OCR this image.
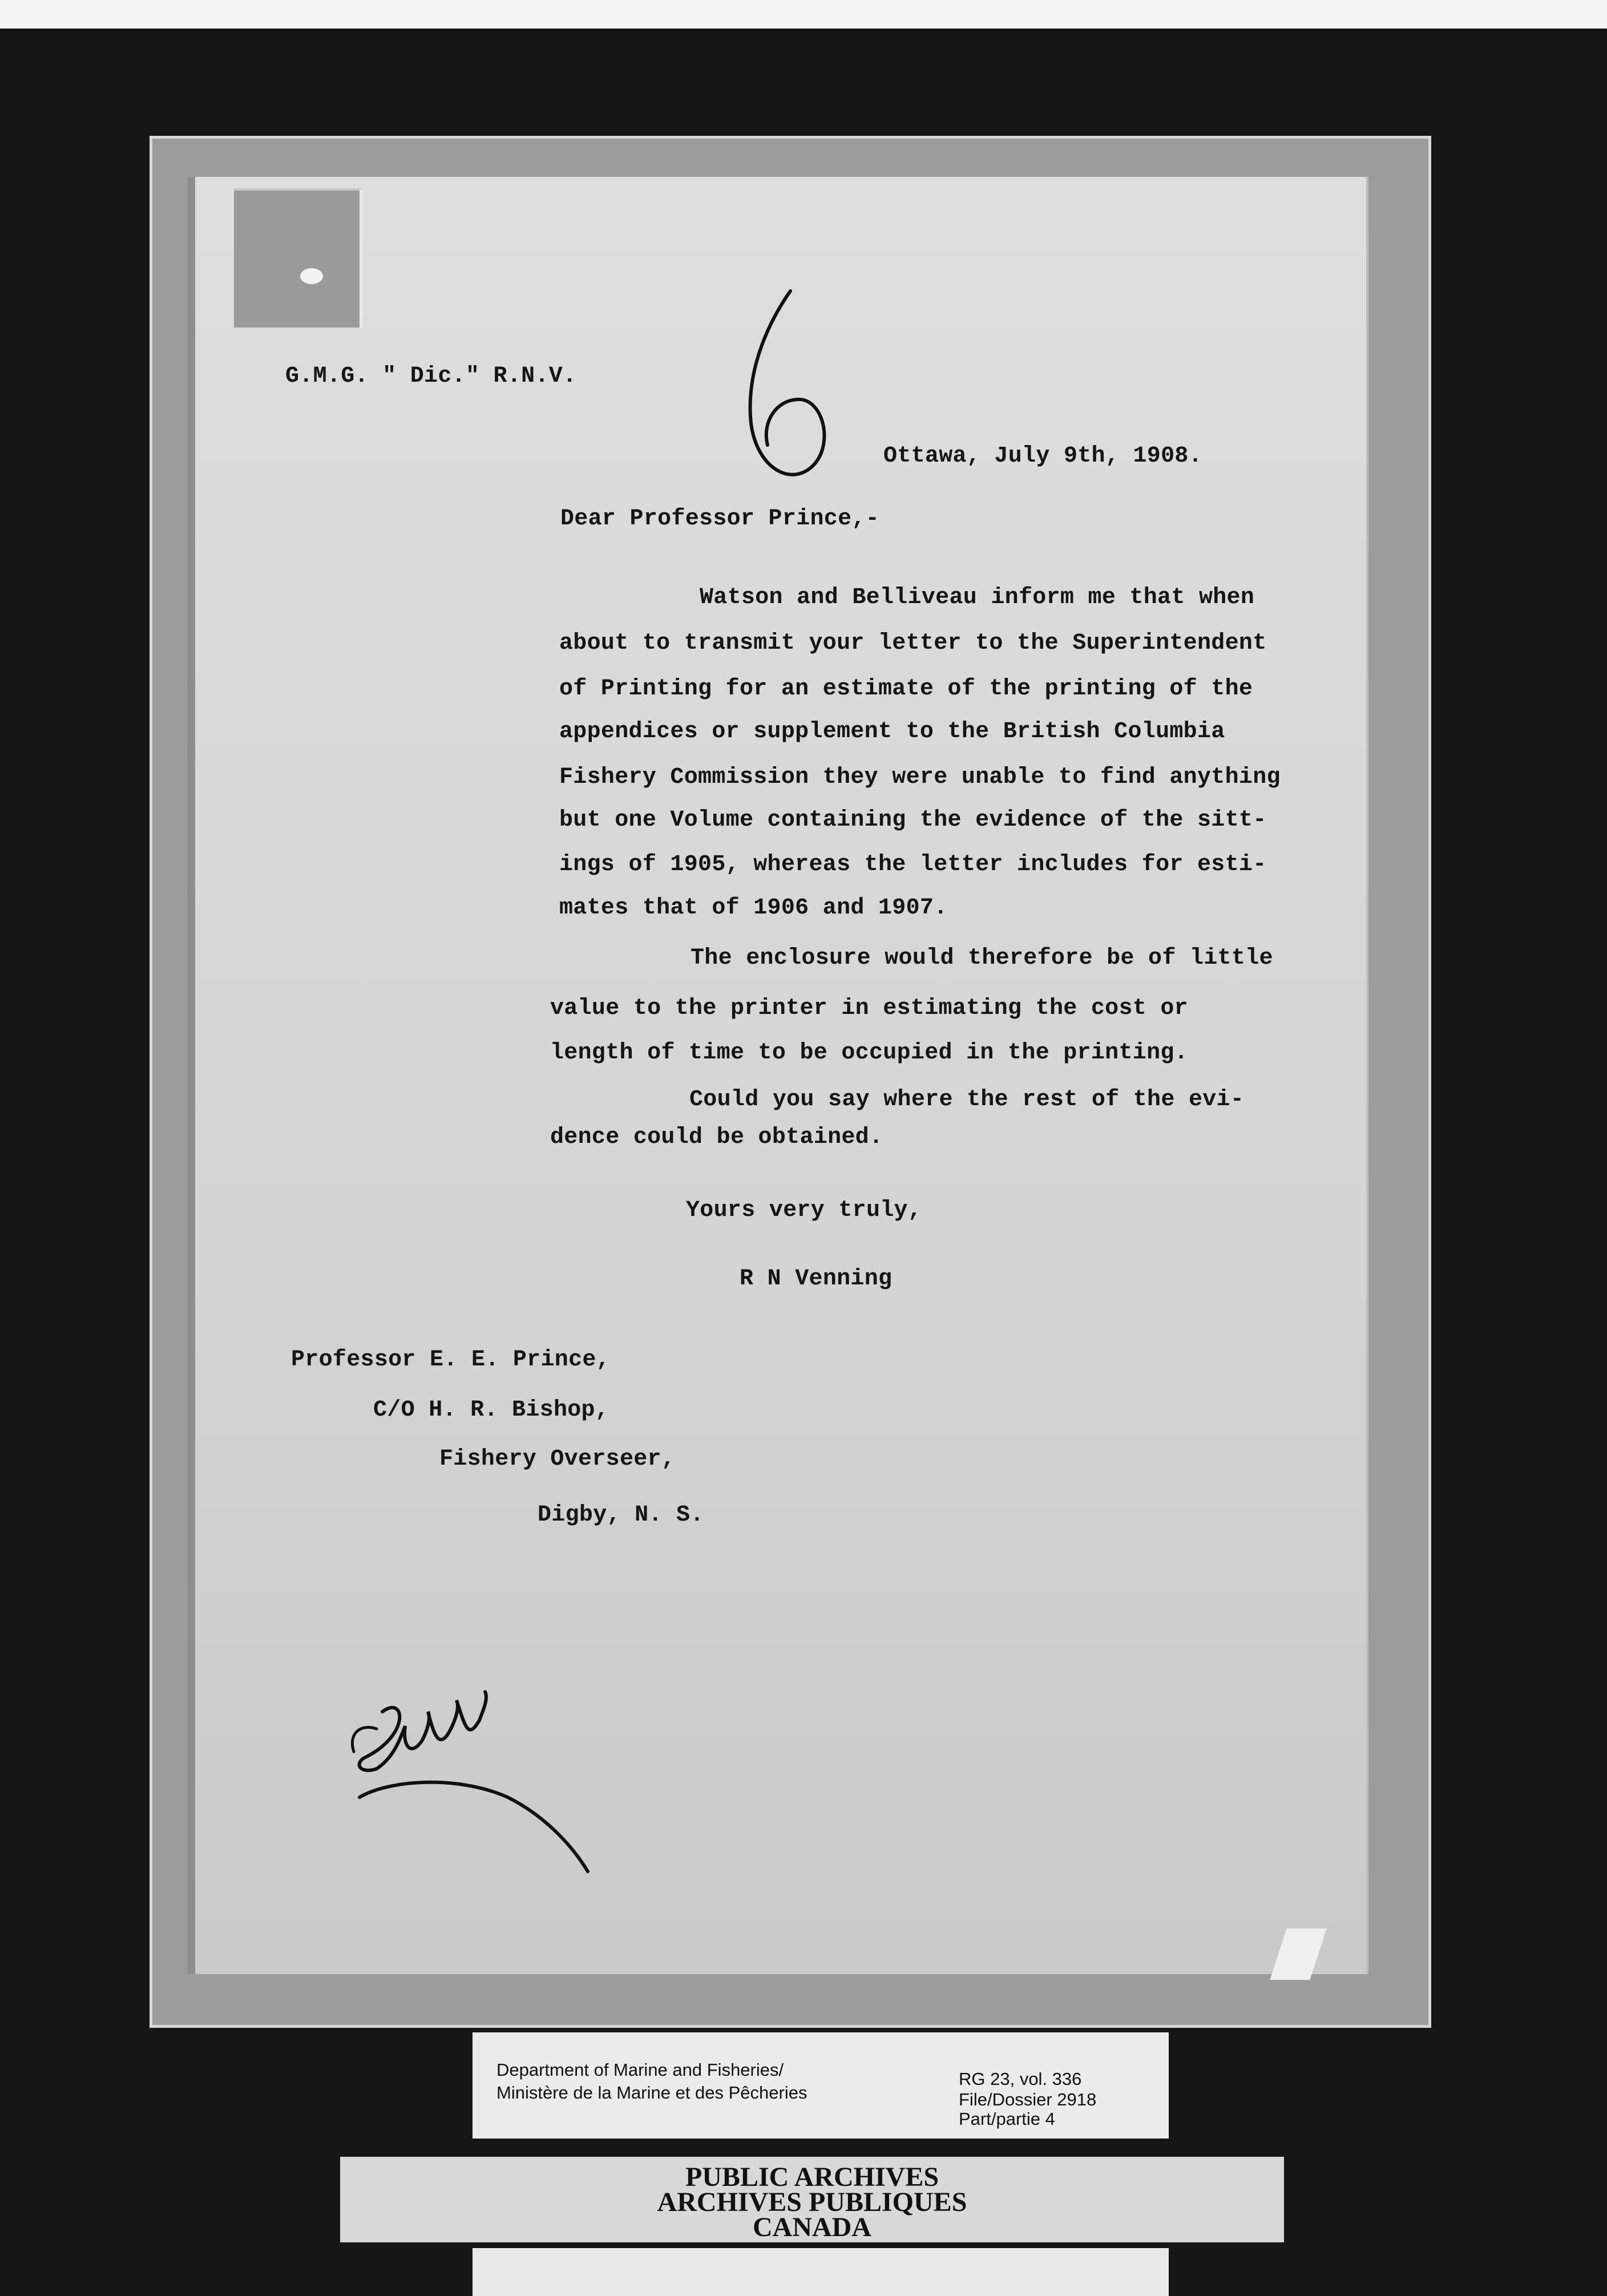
G.M.G. " Dic." R.N.V.
Ottawa, July 9th, 1908.
Dear Professor Prince,-
Watson and Belliveau inform me that when
about to transmit your letter to the Superintendent
of Printing for an estimate of the printing of the
appendices or supplement to the British Columbia
Fishery Commission they were unable to find anything
but one Volume containing the evidence of the sitt-
ings of 1905, whereas the letter includes for esti-
mates that of 1906 and 1907.
The enclosure would therefore be of little
value to the printer in estimating the cost or
length of time to be occupied in the printing.
Could you say where the rest of the evi-
dence could be obtained.
Yours very truly,
R N Venning
Professor E. E. Prince,
C/O H. R. Bishop,
Fishery Overseer,
Digby, N. S.
Department of Marine and Fisheries/
Ministère de la Marine et des Pêcheries
RG 23, vol. 336
File/Dossier 2918
Part/partie 4
PUBLIC ARCHIVES
ARCHIVES PUBLIQUES
CANADA
